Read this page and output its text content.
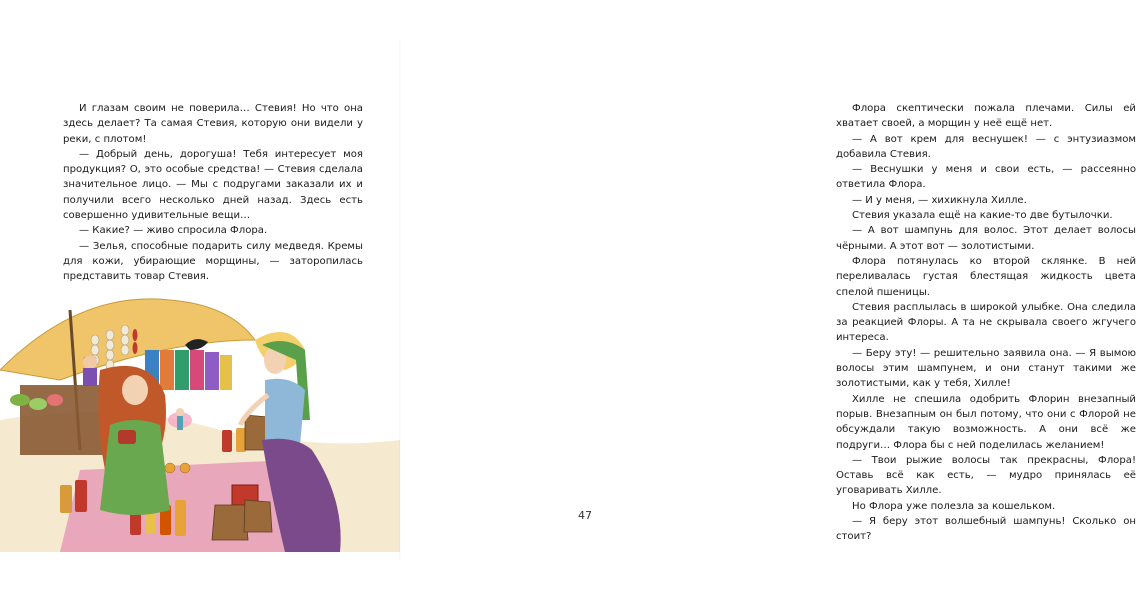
И глазам своим не поверила… Стевия! Но что она здесь делает? Та самая Стевия, которую они видели у реки, с плотом!

— Добрый день, дорогуша! Тебя интересует моя продукция? О, это особые средства! — Стевия сделала значительное лицо. — Мы с подругами заказали их и получили всего несколько дней назад. Здесь есть совершенно удивительные вещи…

— Какие? — живо спросила Флора.

— Зелья, способные подарить силу медведя. Кремы для кожи, убирающие морщины, — заторопилась представить товар Стевия.

Флора скептически пожала плечами. Силы ей хватает своей, а морщин у неё ещё нет.

— А вот крем для веснушек! — с энтузиазмом добавила Стевия.

— Веснушки у меня и свои есть, — рассеянно ответила Флора.

— И у меня, — хихикнула Хилле.

Стевия указала ещё на какие-то две бутылочки.

— А вот шампунь для волос. Этот делает волосы чёрными. А этот вот — золотистыми.

Флора потянулась ко второй склянке. В ней переливалась густая блестящая жидкость цвета спелой пшеницы.

Стевия расплылась в широкой улыбке. Она следила за реакцией Флоры. А та не скрывала своего жгучего интереса.

— Беру эту! — решительно заявила она. — Я вымою волосы этим шампунем, и они станут такими же золотистыми, как у тебя, Хилле!

Хилле не спешила одобрить Флорин внезапный порыв. Внезапным он был потому, что они с Флорой не обсуждали такую возможность. А они всё же подруги… Флора бы с ней поделилась желанием!

— Твои рыжие волосы так прекрасны, Флора! Оставь всё как есть, — мудро принялась её уговаривать Хилле.

Но Флора уже полезла за кошельком.

— Я беру этот волшебный шампунь! Сколько он стоит?

47
